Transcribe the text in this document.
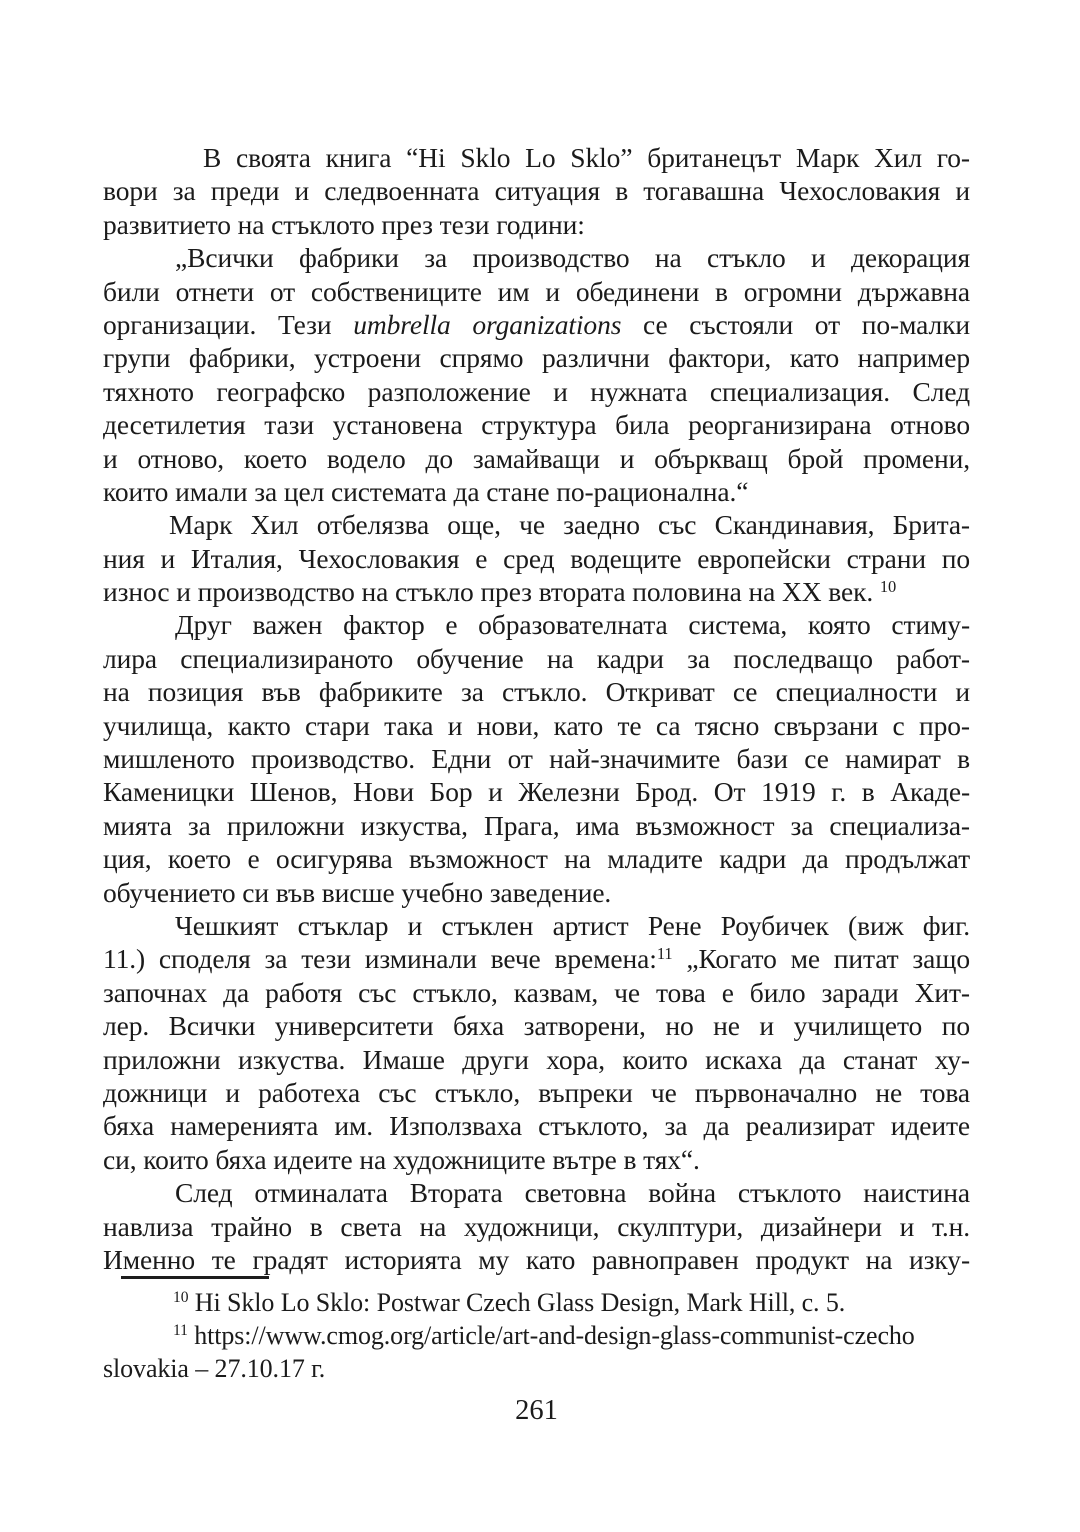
В своята книга “Hi Sklo Lo Sklo” британецът Марк Хил го-
вори за преди и следвоенната ситуация в тогавашна Чехословакия и
развитието на стъклото през тези години:
„Всички фабрики за производство на стъкло и декорация
били отнети от собствениците им и обединени в огромни държавна
организации. Тези umbrella organizations се състояли от по-малки
групи фабрики, устроени спрямо различни фактори, като например
тяхното географско разположение и нужната специализация. След
десетилетия тази установена структура била реорганизирана отново
и отново, което водело до замайващи и объркващ брой промени,
които имали за цел системата да стане по-рационална.“
Марк Хил отбелязва още, че заедно със Скандинавия, Брита-
ния и Италия, Чехословакия е сред водещите европейски страни по
износ и производство на стъкло през втората половина на ХХ век. $^{10}$
Друг важен фактор е образователната система, която стиму-
лира специализираното обучение на кадри за последващо работ-
на позиция във фабриките за стъкло. Откриват се специалности и
училища, както стари така и нови, като те са тясно свързани с про-
мишленото производство. Едни от най-значимите бази се намират в
Каменицки Шенов, Нови Бор и Железни Брод. От 1919 г. в Акаде-
мията за приложни изкуства, Прага, има възможност за специализа-
ция, което е осигурява възможност на младите кадри да продължат
обучението си във висше учебно заведение.
Чешкият стъклар и стъклен артист Рене Роубичек (виж фиг.
11.) споделя за тези изминали вече времена:$^{11}$ „Когато ме питат защо
започнах да работя със стъкло, казвам, че това е било заради Хит-
лер. Всички университети бяха затворени, но не и училището по
приложни изкуства. Имаше други хора, които искаха да станат ху-
дожници и работеха със стъкло, въпреки че първоначално не това
бяха намеренията им. Използваха стъклото, за да реализират идеите
си, които бяха идеите на художниците вътре в тях“.
След отминалата Втората световна война стъклото наистина
навлиза трайно в света на художници, скулптури, дизайнери и т.н.
Именно те градят историята му като равноправен продукт на изку-
$^{10}$ Hi Sklo Lo Sklo: Postwar Czech Glass Design, Mark Hill, с. 5.
$^{11}$ https://www.cmog.org/article/art-and-design-glass-communist-czecho
slovakia – 27.10.17 г.
261
